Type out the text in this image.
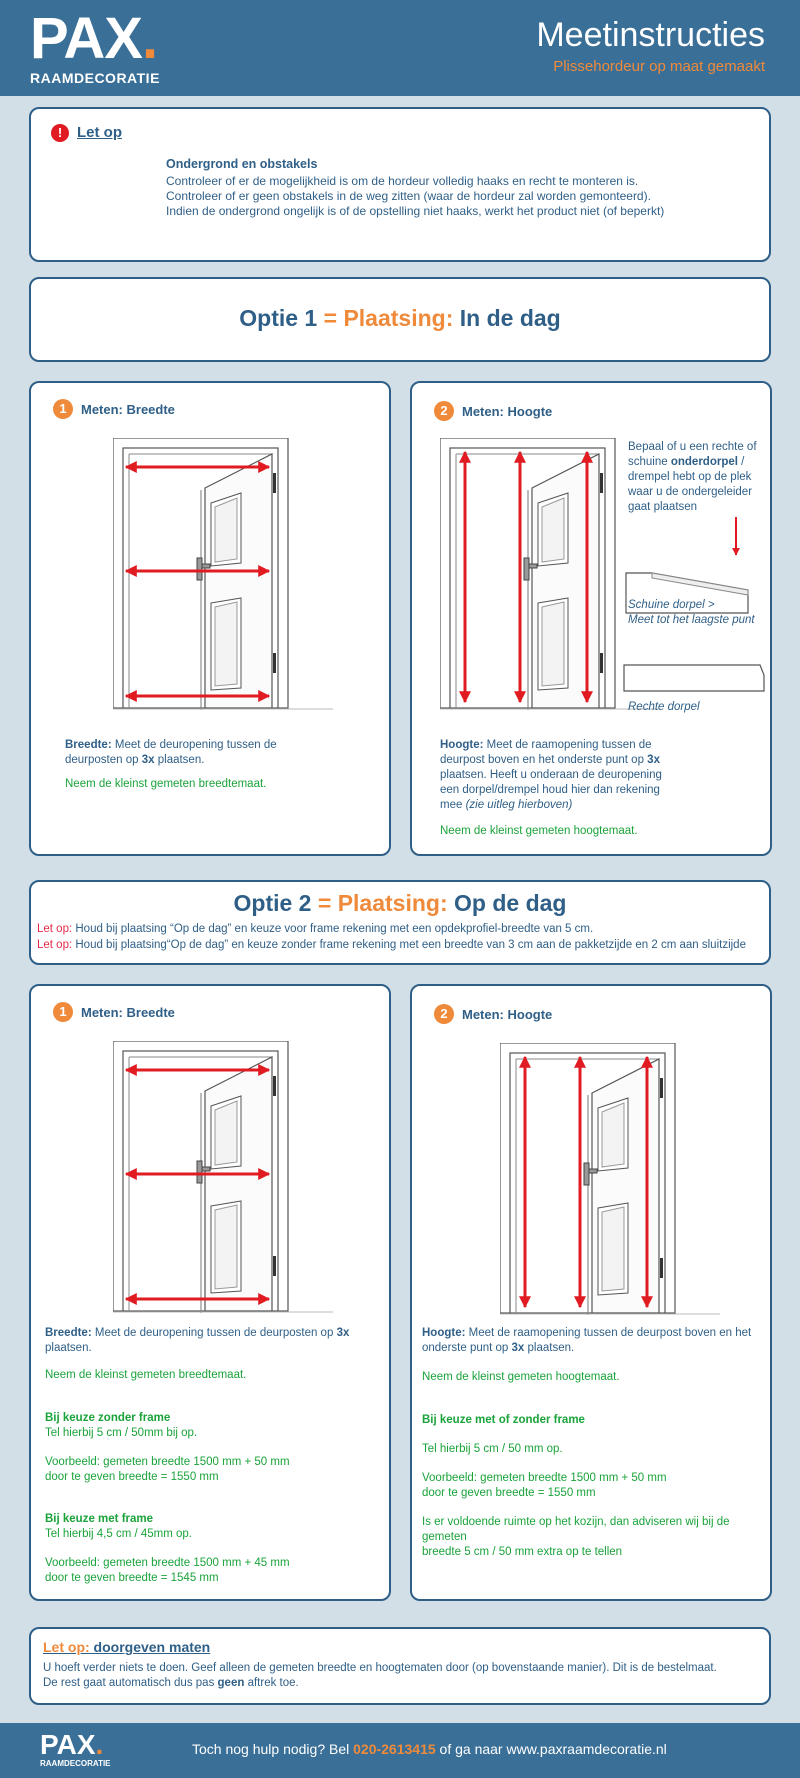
PAX.
RAAMDECORATIE
Meetinstructies
Plissehordeur op maat gemaakt
! Let op
Ondergrond en obstakels
Controleer of er de mogelijkheid is om de hordeur volledig haaks en recht te monteren is.
Controleer of er geen obstakels in de weg zitten (waar de hordeur zal worden gemonteerd).
Indien de ondergrond ongelijk is of de opstelling niet haaks, werkt het product niet (of beperkt)
Optie 1 = Plaatsing: In de dag
1	Meten: Breedte
Breedte: Meet de deuropening tussen de
deurposten op 3x plaatsen.
Neem de kleinst gemeten breedtemaat.
2	Meten: Hoogte
Bepaal of u een rechte of
schuine onderdorpel /
drempel hebt op de plek
waar u de ondergeleider
gaat plaatsen
Schuine dorpel >
Meet tot het laagste punt
Rechte dorpel
Hoogte: Meet de raamopening tussen de
deurpost boven en het onderste punt op 3x
plaatsen. Heeft u onderaan de deuropening
een dorpel/drempel houd hier dan rekening
mee (zie uitleg hierboven)
Neem de kleinst gemeten hoogtemaat.
Optie 2 = Plaatsing: Op de dag
Let op: Houd bij plaatsing “Op de dag” en keuze voor frame rekening met een opdekprofiel-breedte van 5 cm.
Let op: Houd bij plaatsing“Op de dag” en keuze zonder frame rekening met een breedte van 3 cm aan de pakketzijde en 2 cm aan sluitzijde
1	Meten: Breedte
Breedte: Meet de deuropening tussen de deurposten op 3x plaatsen.
Neem de kleinst gemeten breedtemaat.
Bij keuze zonder frame
Tel hierbij 5 cm / 50mm bij op.
Voorbeeld: gemeten breedte 1500 mm + 50 mm
door te geven breedte = 1550 mm
Bij keuze met frame
Tel hierbij 4,5 cm / 45mm op.
Voorbeeld: gemeten breedte 1500 mm + 45 mm
door te geven breedte = 1545 mm
2	Meten: Hoogte
Hoogte: Meet de raamopening tussen de deurpost boven en het
onderste punt op 3x plaatsen.
Neem de kleinst gemeten hoogtemaat.
Bij keuze met of zonder frame
Tel hierbij 5 cm / 50 mm op.
Voorbeeld: gemeten breedte 1500 mm + 50 mm
door te geven breedte = 1550 mm
Is er voldoende ruimte op het kozijn, dan adviseren wij bij de gemeten
breedte 5 cm / 50 mm extra op te tellen
Let op: doorgeven maten
U hoeft verder niets te doen. Geef alleen de gemeten breedte en hoogtematen door (op bovenstaande manier). Dit is de bestelmaat.
De rest gaat automatisch dus pas geen aftrek toe.
PAX.
RAAMDECORATIE
Toch nog hulp nodig? Bel 020-2613415 of ga naar www.paxraamdecoratie.nl
